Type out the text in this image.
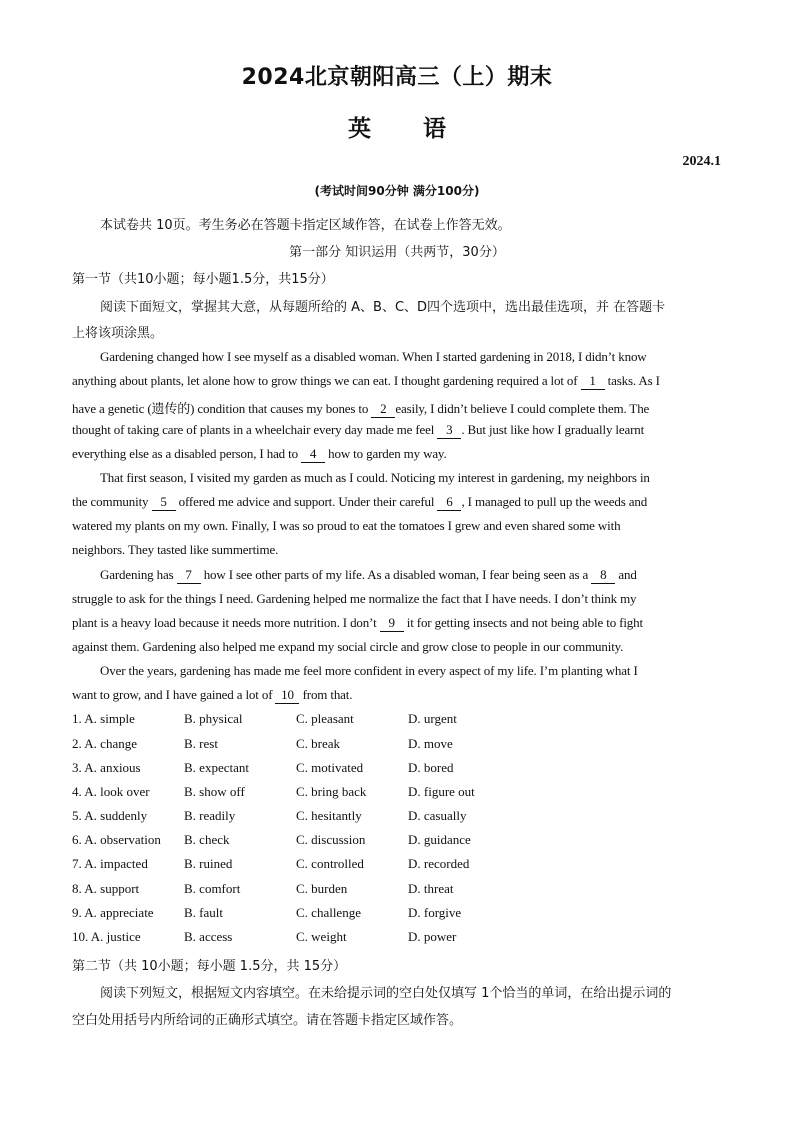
2024北京朝阳高三（上）期末
英 语
2024.1
(考试时间90分钟 满分100分)
本试卷共 10页。考生务必在答题卡指定区域作答，在试卷上作答无效。
第一部分 知识运用（共两节，30分）
第一节（共10小题；每小题1.5分，共15分）
阅读下面短文，掌握其大意，从每题所给的 A、B、C、D四个选项中，选出最佳选项，并 在答题卡
上将该项涂黑。
Gardening changed how I see myself as a disabled woman. When I started gardening in 2018, I didn’t know
anything about plants, let alone how to grow things we can eat. I thought gardening required a lot of 1 tasks. As I
have a genetic (遗传的) condition that causes my bones to 2 easily, I didn’t believe I could complete them. The
thought of taking care of plants in a wheelchair every day made me feel 3 . But just like how I gradually learnt
everything else as a disabled person, I had to 4 how to garden my way.
That first season, I visited my garden as much as I could. Noticing my interest in gardening, my neighbors in
the community 5 offered me advice and support. Under their careful 6 , I managed to pull up the weeds and
watered my plants on my own. Finally, I was so proud to eat the tomatoes I grew and even shared some with
neighbors. They tasted like summertime.
Gardening has 7 how I see other parts of my life. As a disabled woman, I fear being seen as a 8 and
struggle to ask for the things I need. Gardening helped me normalize the fact that I have needs. I don’t think my
plant is a heavy load because it needs more nutrition. I don’t 9 it for getting insects and not being able to fight
against them. Gardening also helped me expand my social circle and grow close to people in our community.
Over the years, gardening has made me feel more confident in every aspect of my life. I’m planting what I
want to grow, and I have gained a lot of 10 from that.
1. A. simple	B. physical	C. pleasant	D. urgent
2. A. change	B. rest	C. break	D. move
3. A. anxious	B. expectant	C. motivated	D. bored
4. A. look over	B. show off	C. bring back	D. figure out
5. A. suddenly	B. readily	C. hesitantly	D. casually
6. A. observation B. check	C. discussion	D. guidance
7. A. impacted	B. ruined	C. controlled	D. recorded
8. A. support	B. comfort	C. burden	D. threat
9. A. appreciate B. fault	C. challenge	D. forgive
10. A. justice	B. access	C. weight	D. power
第二节（共 10小题；每小题 1.5分，共 15分）
阅读下列短文，根据短文内容填空。在未给提示词的空白处仅填写 1个恰当的单词，在给出提示词的
空白处用括号内所给词的正确形式填空。请在答题卡指定区域作答。
